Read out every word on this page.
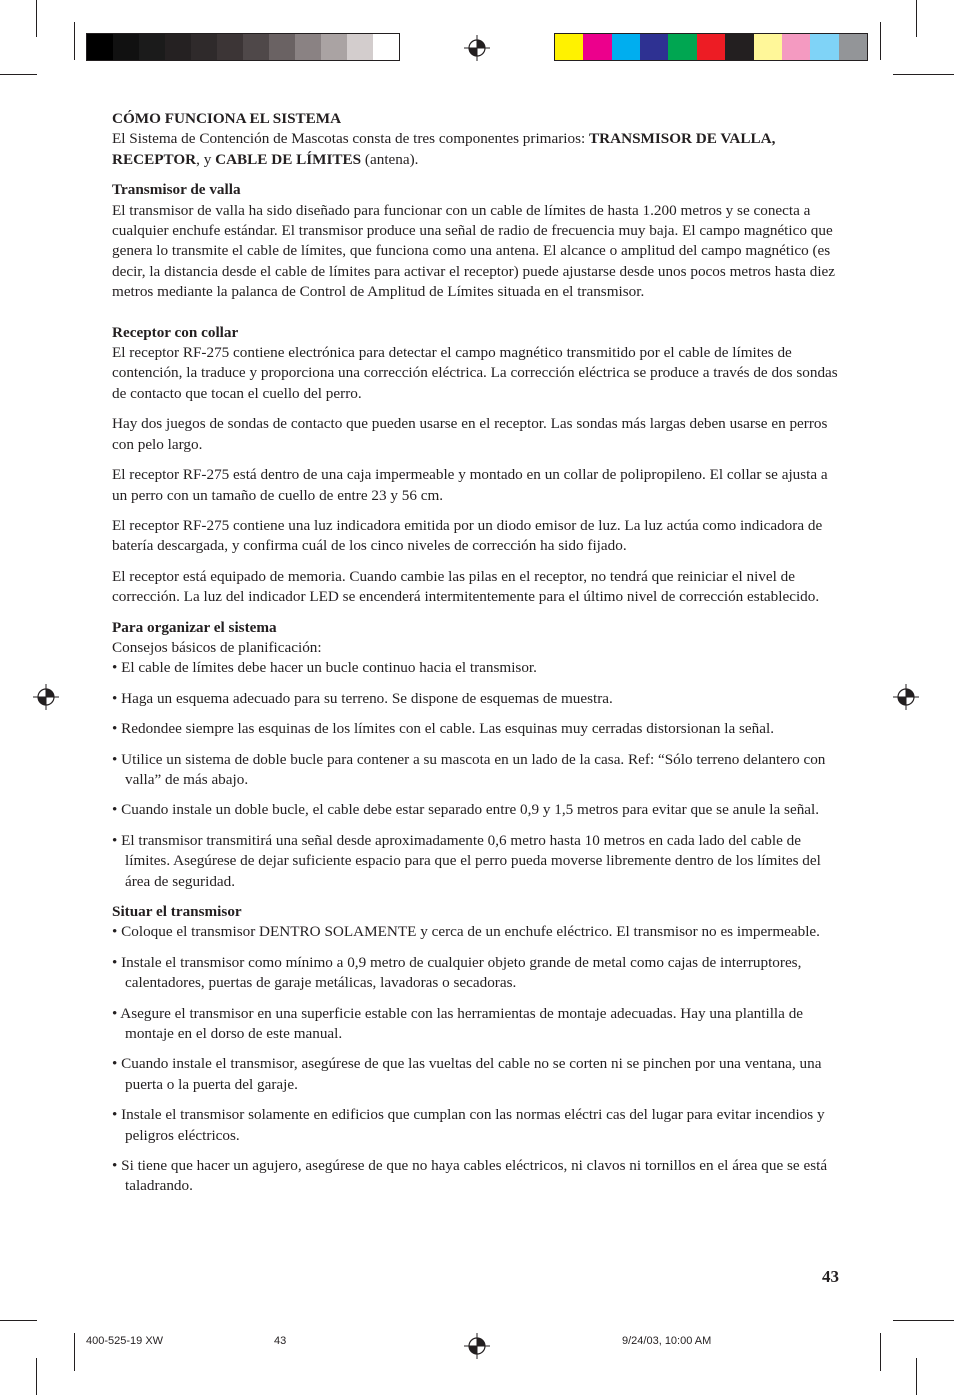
CÓMO FUNCIONA EL SISTEMA

El Sistema de Contención de Mascotas consta de tres componentes primarios: TRANSMISOR DE VALLA, RECEPTOR, y CABLE DE LÍMITES (antena).

Transmisor de valla

El transmisor de valla ha sido diseñado para funcionar con un cable de límites de hasta 1.200 metros y se conecta a cualquier enchufe estándar. El transmisor produce una señal de radio de frecuencia muy baja. El campo magnético que genera lo transmite el cable de límites, que funciona como una antena. El alcance o amplitud del campo magnético (es decir, la distancia desde el cable de límites para activar el receptor) puede ajustarse desde unos pocos metros hasta diez metros mediante la palanca de Control de Amplitud de Límites situada en el transmisor.

Receptor con collar

El receptor RF-275 contiene electrónica para detectar el campo magnético transmitido por el cable de límites de contención, la traduce y proporciona una corrección eléctrica. La corrección eléctrica se produce a través de dos sondas de contacto que tocan el cuello del perro.

Hay dos juegos de sondas de contacto que pueden usarse en el receptor. Las sondas más largas deben usarse en perros con pelo largo.

El receptor RF-275 está dentro de una caja impermeable y montado en un collar de polipropileno. El collar se ajusta a un perro con un tamaño de cuello de entre 23 y 56 cm.

El receptor RF-275 contiene una luz indicadora emitida por un diodo emisor de luz. La luz actúa como indicadora de batería descargada, y confirma cuál de los cinco niveles de corrección ha sido fijado.

El receptor está equipado de memoria. Cuando cambie las pilas en el receptor, no tendrá que reiniciar el nivel de corrección. La luz del indicador LED se encenderá intermitentemente para el último nivel de corrección establecido.

Para organizar el sistema
Consejos básicos de planificación:

• El cable de límites debe hacer un bucle continuo hacia el transmisor.

• Haga un esquema adecuado para su terreno. Se dispone de esquemas de muestra.

• Redondee siempre las esquinas de los límites con el cable. Las esquinas muy cerradas distorsionan la señal.

• Utilice un sistema de doble bucle para contener a su mascota en un lado de la casa. Ref: “Sólo terreno delantero con valla” de más abajo.

• Cuando instale un doble bucle, el cable debe estar separado entre 0,9 y 1,5 metros para evitar que se anule la señal.

• El transmisor transmitirá una señal desde aproximadamente 0,6 metro hasta 10 metros en cada lado del cable de límites. Asegúrese de dejar suficiente espacio para que el perro pueda moverse libremente dentro de los límites del área de seguridad.

Situar el transmisor

• Coloque el transmisor DENTRO SOLAMENTE y cerca de un enchufe eléctrico. El transmisor no es impermeable.

• Instale el transmisor como mínimo a 0,9 metro de cualquier objeto grande de metal como cajas de interruptores, calentadores, puertas de garaje metálicas, lavadoras o secadoras.

• Asegure el transmisor en una superficie estable con las herramientas de montaje adecuadas. Hay una plantilla de montaje en el dorso de este manual.

• Cuando instale el transmisor, asegúrese de que las vueltas del cable no se corten ni se pinchen por una ventana, una puerta o la puerta del garaje.

• Instale el transmisor solamente en edificios que cumplan con las normas eléctri cas del lugar para evitar incendios y peligros eléctricos.

• Si tiene que hacer un agujero, asegúrese de que no haya cables eléctricos, ni clavos ni tornillos en el área que se está taladrando.

43
400-525-19 XW	43	9/24/03, 10:00 AM
